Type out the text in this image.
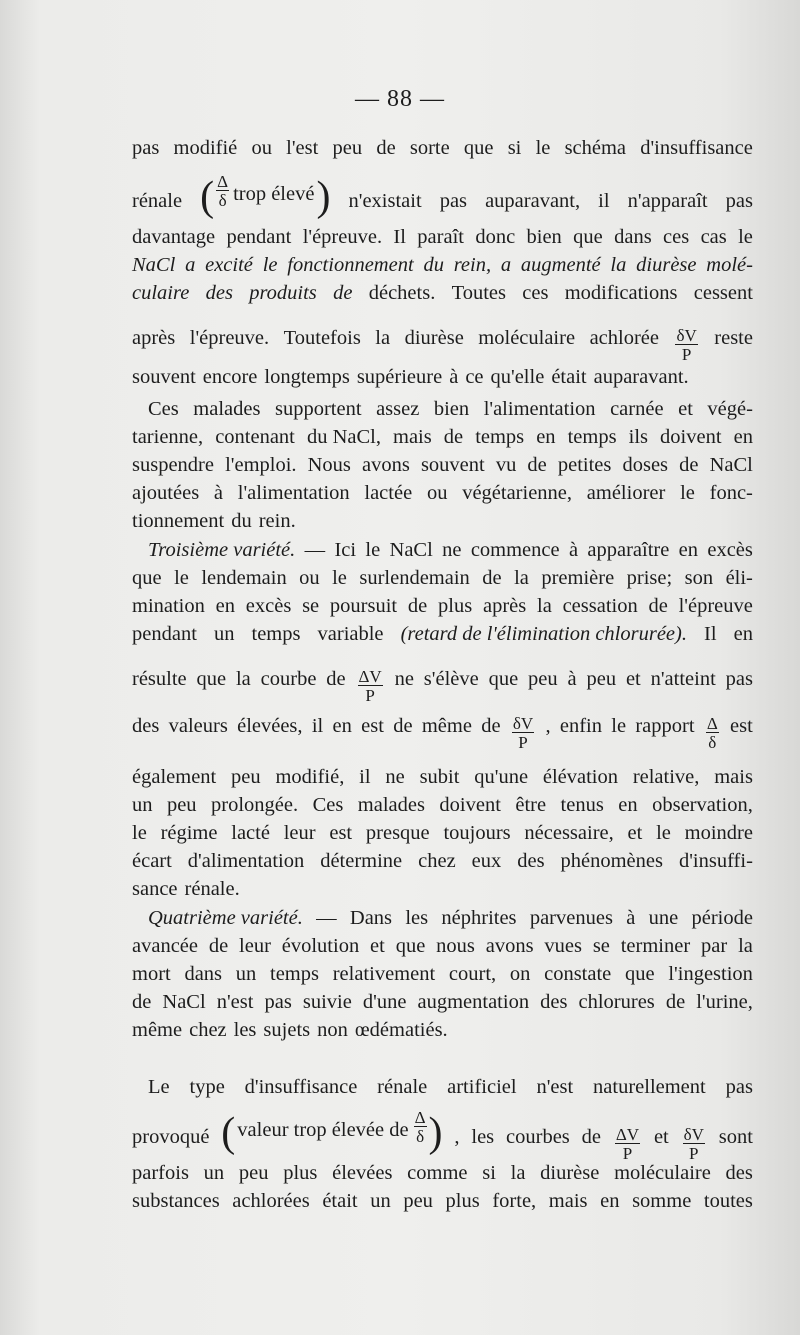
— 88 —
pas modifié ou l'est peu de sorte que si le schéma d'insuffisance
rénale ( $\frac{\Delta}{\delta}$ trop élevé ) n'existait pas auparavant, il n'apparaît pas
davantage pendant l'épreuve. Il paraît donc bien que dans ces cas le
NaCl a excité le fonctionnement du rein, a augmenté la diurèse molé-
culaire des produits de déchets. Toutes ces modifications cessent
après l'épreuve. Toutefois la diurèse moléculaire achlorée $\frac{\delta V}{P}$ reste
souvent encore longtemps supérieure à ce qu'elle était auparavant.
Ces malades supportent assez bien l'alimentation carnée et végé-
tarienne, contenant du NaCl, mais de temps en temps ils doivent en
suspendre l'emploi. Nous avons souvent vu de petites doses de NaCl
ajoutées à l'alimentation lactée ou végétarienne, améliorer le fonc-
tionnement du rein.
Troisième variété. — Ici le NaCl ne commence à apparaître en excès
que le lendemain ou le surlendemain de la première prise; son éli-
mination en excès se poursuit de plus après la cessation de l'épreuve
pendant un temps variable (retard de l'élimination chlorurée). Il en
résulte que la courbe de $\frac{\Delta V}{P}$ ne s'élève que peu à peu et n'atteint pas
des valeurs élevées, il en est de même de $\frac{\delta V}{P}$ , enfin le rapport $\frac{\Delta}{\delta}$ est
également peu modifié, il ne subit qu'une élévation relative, mais
un peu prolongée. Ces malades doivent être tenus en observation,
le régime lacté leur est presque toujours nécessaire, et le moindre
écart d'alimentation détermine chez eux des phénomènes d'insuffi-
sance rénale.
Quatrième variété. — Dans les néphrites parvenues à une période
avancée de leur évolution et que nous avons vues se terminer par la
mort dans un temps relativement court, on constate que l'ingestion
de NaCl n'est pas suivie d'une augmentation des chlorures de l'urine,
même chez les sujets non œdématiés.
Le type d'insuffisance rénale artificiel n'est naturellement pas
provoqué ( valeur trop élevée de $\frac{\Delta}{\delta}$ ) , les courbes de $\frac{\Delta V}{P}$ et $\frac{\delta V}{P}$ sont
parfois un peu plus élevées comme si la diurèse moléculaire des
substances achlorées était un peu plus forte, mais en somme toutes
